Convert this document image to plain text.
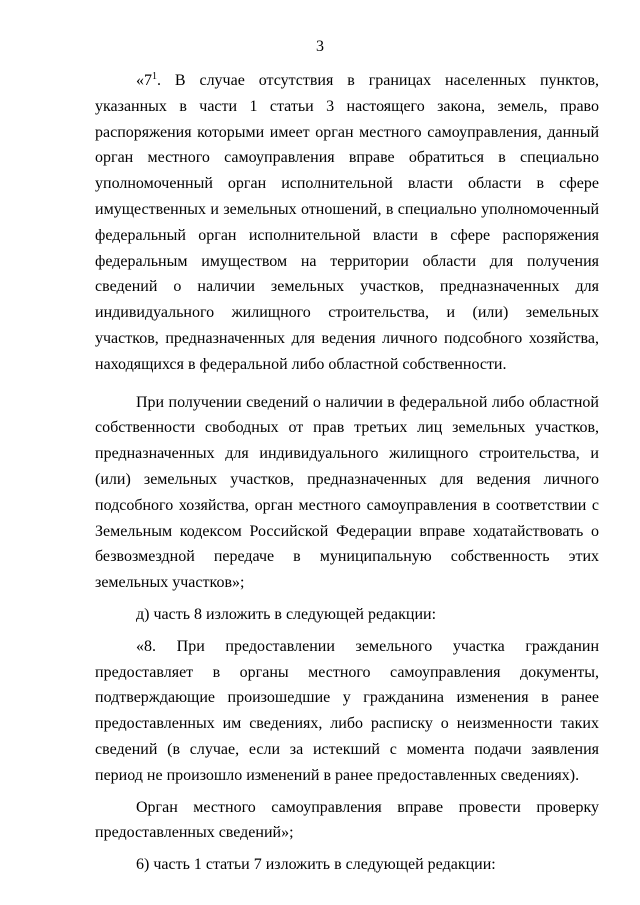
3

«$7^1$. В случае отсутствия в границах населенных пунктов, указанных в части 1 статьи 3 настоящего закона, земель, право распоряжения которыми имеет орган местного самоуправления, данный орган местного самоуправления вправе обратиться в специально уполномоченный орган исполнительной власти области в сфере имущественных и земельных отношений, в специально уполномоченный федеральный орган исполнительной власти в сфере распоряжения федеральным имуществом на территории области для получения сведений о наличии земельных участков, предназначенных для индивидуального жилищного строительства, и (или) земельных участков, предназначенных для ведения личного подсобного хозяйства, находящихся в федеральной либо областной собственности.

При получении сведений о наличии в федеральной либо областной собственности свободных от прав третьих лиц земельных участков, предназначенных для индивидуального жилищного строительства, и (или) земельных участков, предназначенных для ведения личного подсобного хозяйства, орган местного самоуправления в соответствии с Земельным кодексом Российской Федерации вправе ходатайствовать о безвозмездной передаче в муниципальную собственность этих земельных участков»;

д) часть 8 изложить в следующей редакции:

«8. При предоставлении земельного участка гражданин предоставляет в органы местного самоуправления документы, подтверждающие произошедшие у гражданина изменения в ранее предоставленных им сведениях, либо расписку о неизменности таких сведений (в случае, если за истекший с момента подачи заявления период не произошло изменений в ранее предоставленных сведениях).

Орган местного самоуправления вправе провести проверку предоставленных сведений»;

6) часть 1 статьи 7 изложить в следующей редакции:
